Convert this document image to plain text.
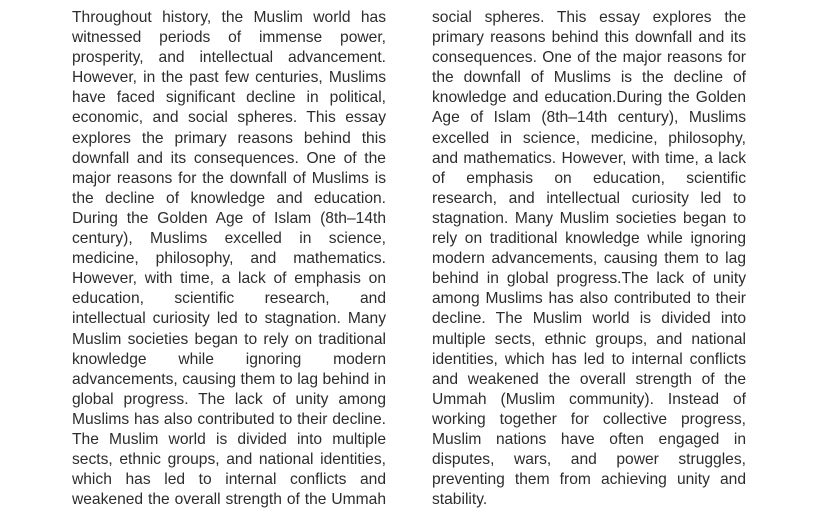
Throughout history, the Muslim world has
witnessed periods of immense power,
prosperity, and intellectual advancement.
However, in the past few centuries, Muslims
have faced significant decline in political,
economic, and social spheres. This essay
explores the primary reasons behind this
downfall and its consequences. One of the
major reasons for the downfall of Muslims is
the decline of knowledge and education.
During the Golden Age of Islam (8th–14th
century), Muslims excelled in science,
medicine, philosophy, and mathematics.
However, with time, a lack of emphasis on
education, scientific research, and
intellectual curiosity led to stagnation. Many
Muslim societies began to rely on traditional
knowledge while ignoring modern
advancements, causing them to lag behind in
global progress. The lack of unity among
Muslims has also contributed to their decline.
The Muslim world is divided into multiple
sects, ethnic groups, and national identities,
which has led to internal conflicts and
weakened the overall strength of the Ummah
social spheres. This essay explores the
primary reasons behind this downfall and its
consequences. One of the major reasons for
the downfall of Muslims is the decline of
knowledge and education.During the Golden
Age of Islam (8th–14th century), Muslims
excelled in science, medicine, philosophy,
and mathematics. However, with time, a lack
of emphasis on education, scientific
research, and intellectual curiosity led to
stagnation. Many Muslim societies began to
rely on traditional knowledge while ignoring
modern advancements, causing them to lag
behind in global progress.The lack of unity
among Muslims has also contributed to their
decline. The Muslim world is divided into
multiple sects, ethnic groups, and national
identities, which has led to internal conflicts
and weakened the overall strength of the
Ummah (Muslim community). Instead of
working together for collective progress,
Muslim nations have often engaged in
disputes, wars, and power struggles,
preventing them from achieving unity and
stability.
